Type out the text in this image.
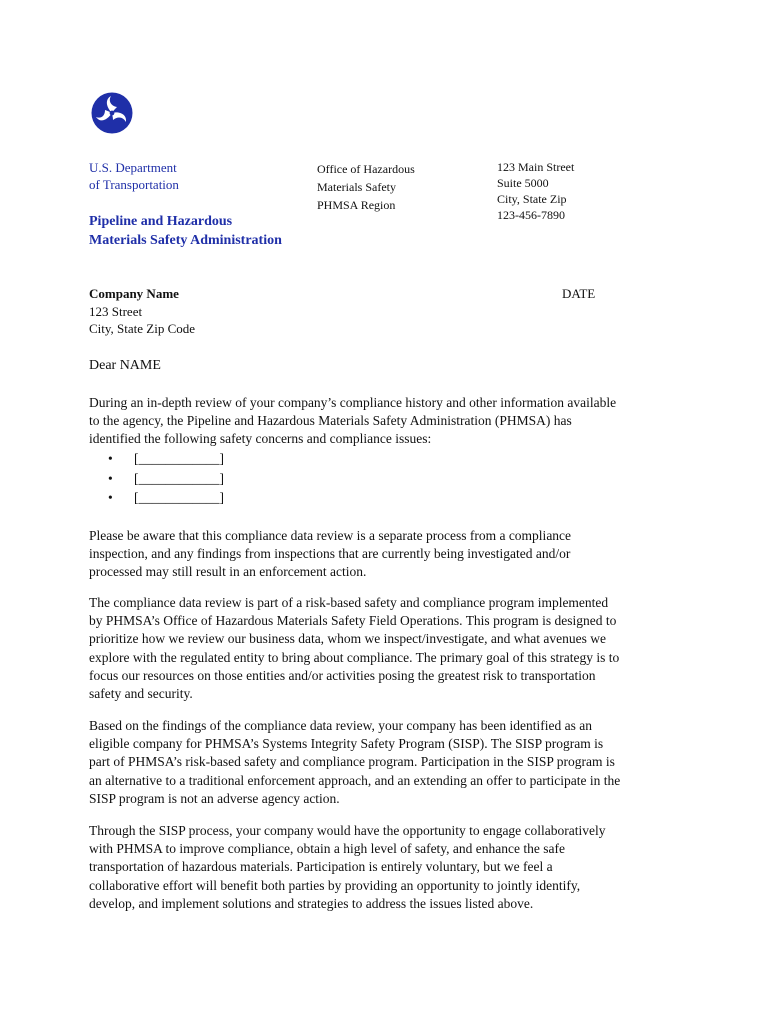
U.S. Department
of Transportation
Office of Hazardous
Materials Safety
PHMSA Region
123 Main Street
Suite 5000
City, State Zip
123-456-7890
Pipeline and Hazardous
Materials Safety Administration
Company Name
123 Street
City, State Zip Code
DATE
Dear NAME
During an in-depth review of your company’s compliance history and other information available
to the agency, the Pipeline and Hazardous Materials Safety Administration (PHMSA) has
identified the following safety concerns and compliance issues:
• [____________]
• [____________]
• [____________]
Please be aware that this compliance data review is a separate process from a compliance
inspection, and any findings from inspections that are currently being investigated and/or
processed may still result in an enforcement action.
The compliance data review is part of a risk-based safety and compliance program implemented
by PHMSA’s Office of Hazardous Materials Safety Field Operations. This program is designed to
prioritize how we review our business data, whom we inspect/investigate, and what avenues we
explore with the regulated entity to bring about compliance. The primary goal of this strategy is to
focus our resources on those entities and/or activities posing the greatest risk to transportation
safety and security.
Based on the findings of the compliance data review, your company has been identified as an
eligible company for PHMSA’s Systems Integrity Safety Program (SISP). The SISP program is
part of PHMSA’s risk-based safety and compliance program. Participation in the SISP program is
an alternative to a traditional enforcement approach, and an extending an offer to participate in the
SISP program is not an adverse agency action.
Through the SISP process, your company would have the opportunity to engage collaboratively
with PHMSA to improve compliance, obtain a high level of safety, and enhance the safe
transportation of hazardous materials. Participation is entirely voluntary, but we feel a
collaborative effort will benefit both parties by providing an opportunity to jointly identify,
develop, and implement solutions and strategies to address the issues listed above.
